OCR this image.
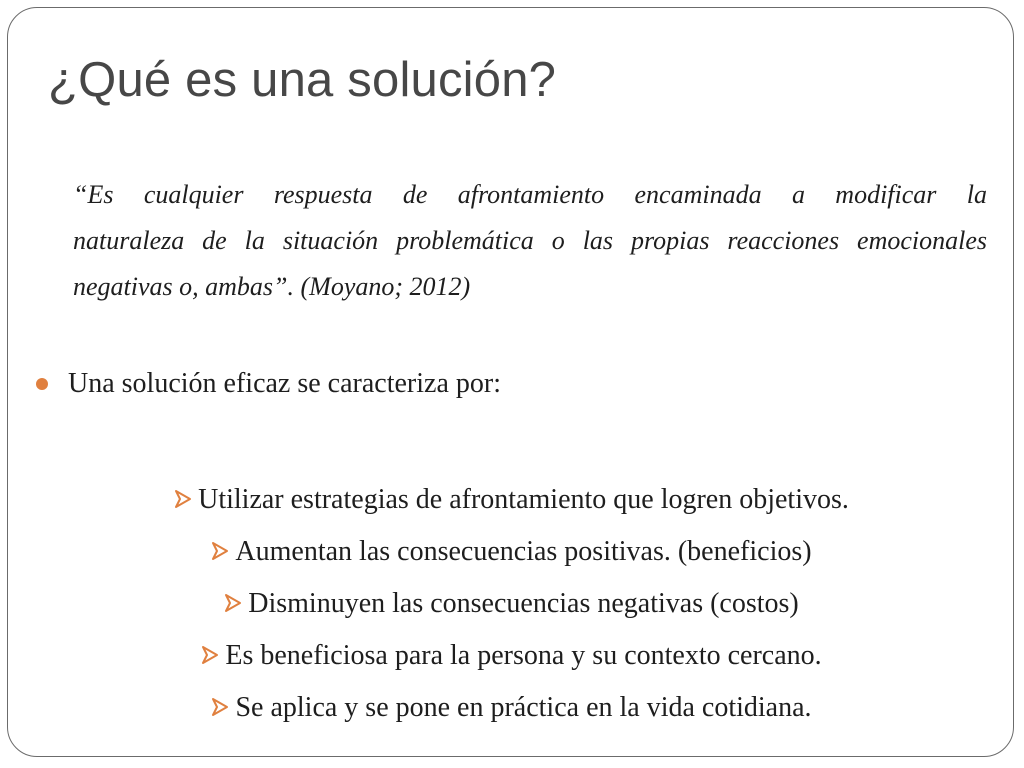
¿Qué es una solución?
“Es cualquier respuesta de afrontamiento encaminada a modificar la
naturaleza de la situación problemática o las propias reacciones emocionales
negativas o, ambas”. (Moyano; 2012)
Una solución eficaz se caracteriza por:
Utilizar estrategias de afrontamiento que logren objetivos.
Aumentan las consecuencias positivas. (beneficios)
Disminuyen las consecuencias negativas (costos)
Es beneficiosa para la persona y su contexto cercano.
Se aplica y se pone en práctica en la vida cotidiana.
